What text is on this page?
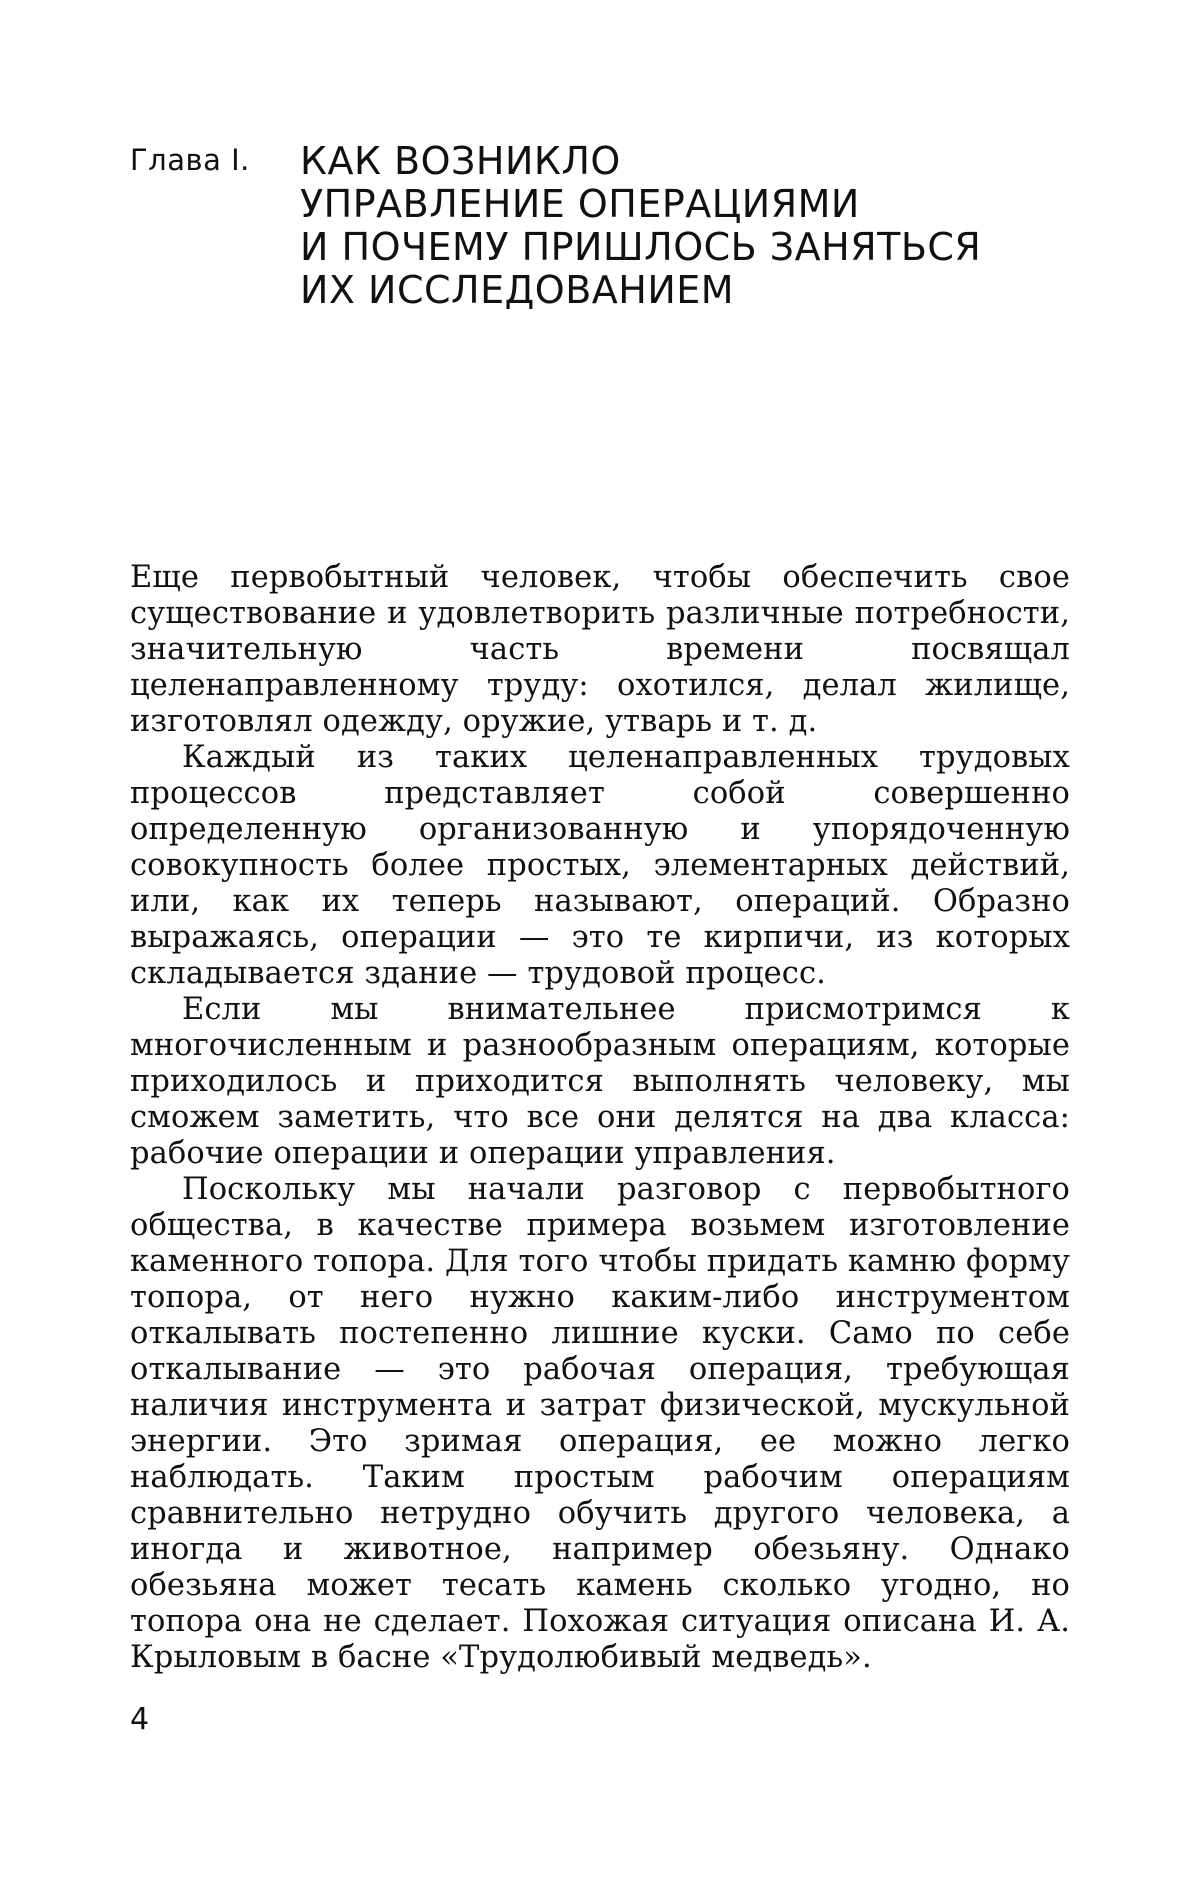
Глава I. КАК ВОЗНИКЛО
УПРАВЛЕНИЕ ОПЕРАЦИЯМИ
И ПОЧЕМУ ПРИШЛОСЬ ЗАНЯТЬСЯ
ИХ ИССЛЕДОВАНИЕМ

Еще первобытный человек, чтобы обеспечить свое существование и удовлетворить различные потребности, значительную часть времени посвящал целенаправленному труду: охотился, делал жилище, изготовлял одежду, оружие, утварь и т. д.

Каждый из таких целенаправленных трудовых процессов представляет собой совершенно определенную организованную и упорядоченную совокупность более простых, элементарных действий, или, как их теперь называют, операций. Образно выражаясь, операции — это те кирпичи, из которых складывается здание — трудовой процесс.

Если мы внимательнее присмотримся к многочисленным и разнообразным операциям, которые приходилось и приходится выполнять человеку, мы сможем заметить, что все они делятся на два класса: рабочие операции и операции управления.

Поскольку мы начали разговор с первобытного общества, в качестве примера возьмем изготовление каменного топора. Для того чтобы придать камню форму топора, от него нужно каким-либо инструментом откалывать постепенно лишние куски. Само по себе откалывание — это рабочая операция, требующая наличия инструмента и затрат физической, мускульной энергии. Это зримая операция, ее можно легко наблюдать. Таким простым рабочим операциям сравнительно нетрудно обучить другого человека, а иногда и животное, например обезьяну. Однако обезьяна может тесать камень сколько угодно, но топора она не сделает. Похожая ситуация описана И. А. Крыловым в басне «Трудолюбивый медведь».

4
